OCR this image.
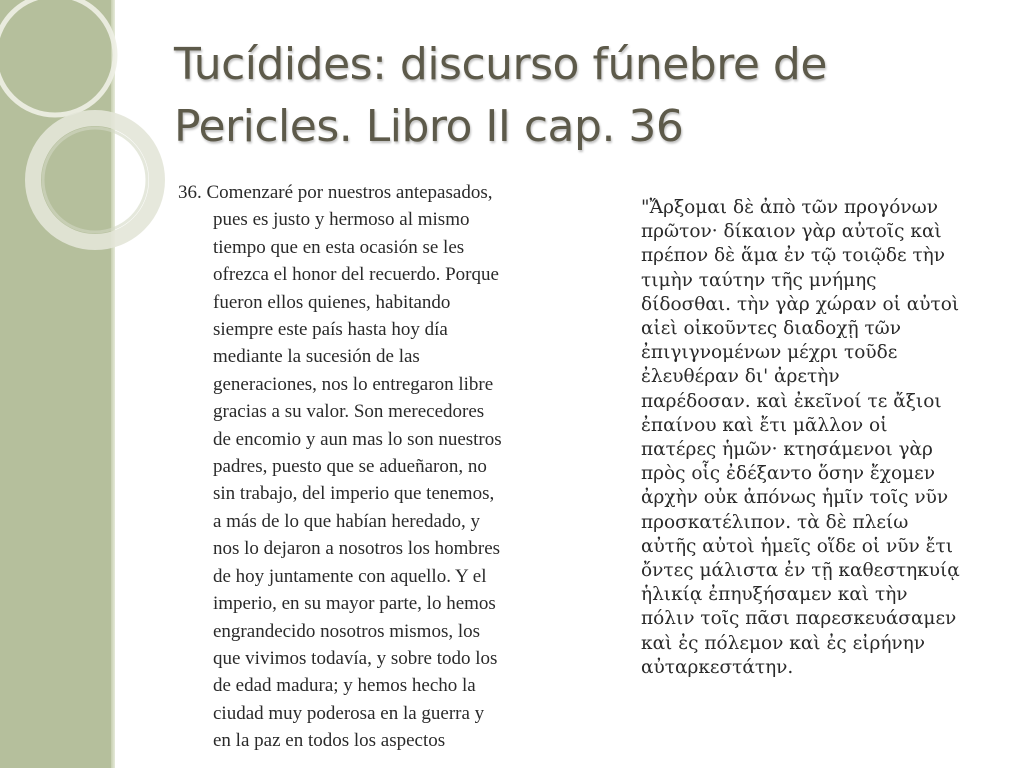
Tucídides: discurso fúnebre de
Pericles. Libro II cap. 36
36. Comenzaré por nuestros antepasados,
pues es justo y hermoso al mismo
tiempo que en esta ocasión se les
ofrezca el honor del recuerdo. Porque
fueron ellos quienes, habitando
siempre este país hasta hoy día
mediante la sucesión de las
generaciones, nos lo entregaron libre
gracias a su valor. Son merecedores
de encomio y aun mas lo son nuestros
padres, puesto que se adueñaron, no
sin trabajo, del imperio que tenemos,
a más de lo que habían heredado, y
nos lo dejaron a nosotros los hombres
de hoy juntamente con aquello. Y el
imperio, en su mayor parte, lo hemos
engrandecido nosotros mismos, los
que vivimos todavía, y sobre todo los
de edad madura; y hemos hecho la
ciudad muy poderosa en la guerra y
en la paz en todos los aspectos
"Ἄρξομαι δὲ ἀπὸ τῶν προγόνων
πρῶτον· δίκαιον γὰρ αὐτοῖς καὶ
πρέπον δὲ ἅμα ἐν τῷ τοιῷδε τὴν
τιμὴν ταύτην τῆς μνήμης
δίδοσθαι. τὴν γὰρ χώραν οἱ αὐτοὶ
αἰεὶ οἰκοῦντες διαδοχῇ τῶν
ἐπιγιγνομένων μέχρι τοῦδε
ἐλευθέραν δι' ἀρετὴν
παρέδοσαν. καὶ ἐκεῖνοί τε ἄξιοι
ἐπαίνου καὶ ἔτι μᾶλλον οἱ
πατέρες ἡμῶν· κτησάμενοι γὰρ
πρὸς οἷς ἐδέξαντο ὅσην ἔχομεν
ἀρχὴν οὐκ ἀπόνως ἡμῖν τοῖς νῦν
προσκατέλιπον. τὰ δὲ πλείω
αὐτῆς αὐτοὶ ἡμεῖς οἵδε οἱ νῦν ἔτι
ὄντες μάλιστα ἐν τῇ καθεστηκυίᾳ
ἡλικίᾳ ἐπηυξήσαμεν καὶ τὴν
πόλιν τοῖς πᾶσι παρεσκευάσαμεν
καὶ ἐς πόλεμον καὶ ἐς εἰρήνην
αὐταρκεστάτην.
